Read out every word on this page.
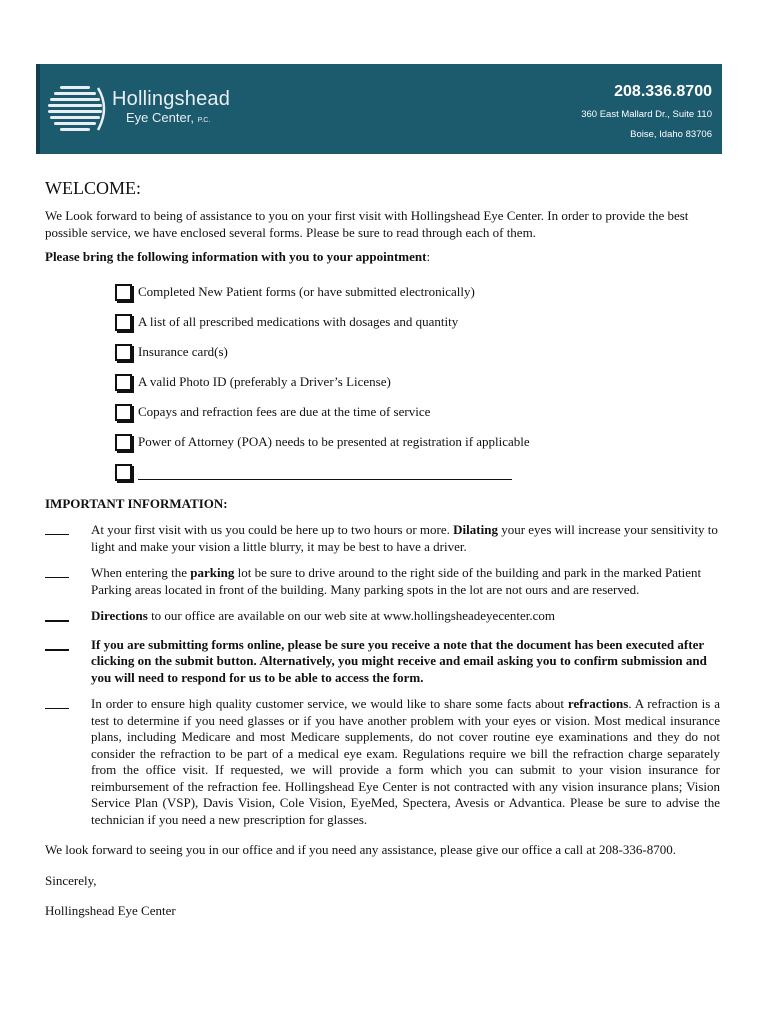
Hollingshead
Eye Center, P.C.
208.336.8700
360 East Mallard Dr., Suite 110
Boise, Idaho 83706
WELCOME:

We Look forward to being of assistance to you on your first visit with Hollingshead Eye Center. In order to provide the best possible service, we have enclosed several forms. Please be sure to read through each of them.

Please bring the following information with you to your appointment:

Completed New Patient forms (or have submitted electronically)
A list of all prescribed medications with dosages and quantity
Insurance card(s)
A valid Photo ID (preferably a Driver’s License)
Copays and refraction fees are due at the time of service
Power of Attorney (POA) needs to be presented at registration if applicable

IMPORTANT INFORMATION:

At your first visit with us you could be here up to two hours or more. Dilating your eyes will increase your sensitivity to light and make your vision a little blurry, it may be best to have a driver.
When entering the parking lot be sure to drive around to the right side of the building and park in the marked Patient Parking areas located in front of the building. Many parking spots in the lot are not ours and are reserved.
Directions to our office are available on our web site at www.hollingsheadeyecenter.com
If you are submitting forms online, please be sure you receive a note that the document has been executed after clicking on the submit button. Alternatively, you might receive and email asking you to confirm submission and you will need to respond for us to be able to access the form.
In order to ensure high quality customer service, we would like to share some facts about refractions. A refraction is a test to determine if you need glasses or if you have another problem with your eyes or vision. Most medical insurance plans, including Medicare and most Medicare supplements, do not cover routine eye examinations and they do not consider the refraction to be part of a medical eye exam. Regulations require we bill the refraction charge separately from the office visit. If requested, we will provide a form which you can submit to your vision insurance for reimbursement of the refraction fee. Hollingshead Eye Center is not contracted with any vision insurance plans; Vision Service Plan (VSP), Davis Vision, Cole Vision, EyeMed, Spectera, Avesis or Advantica. Please be sure to advise the technician if you need a new prescription for glasses.

We look forward to seeing you in our office and if you need any assistance, please give our office a call at 208-336-8700.

Sincerely,

Hollingshead Eye Center
